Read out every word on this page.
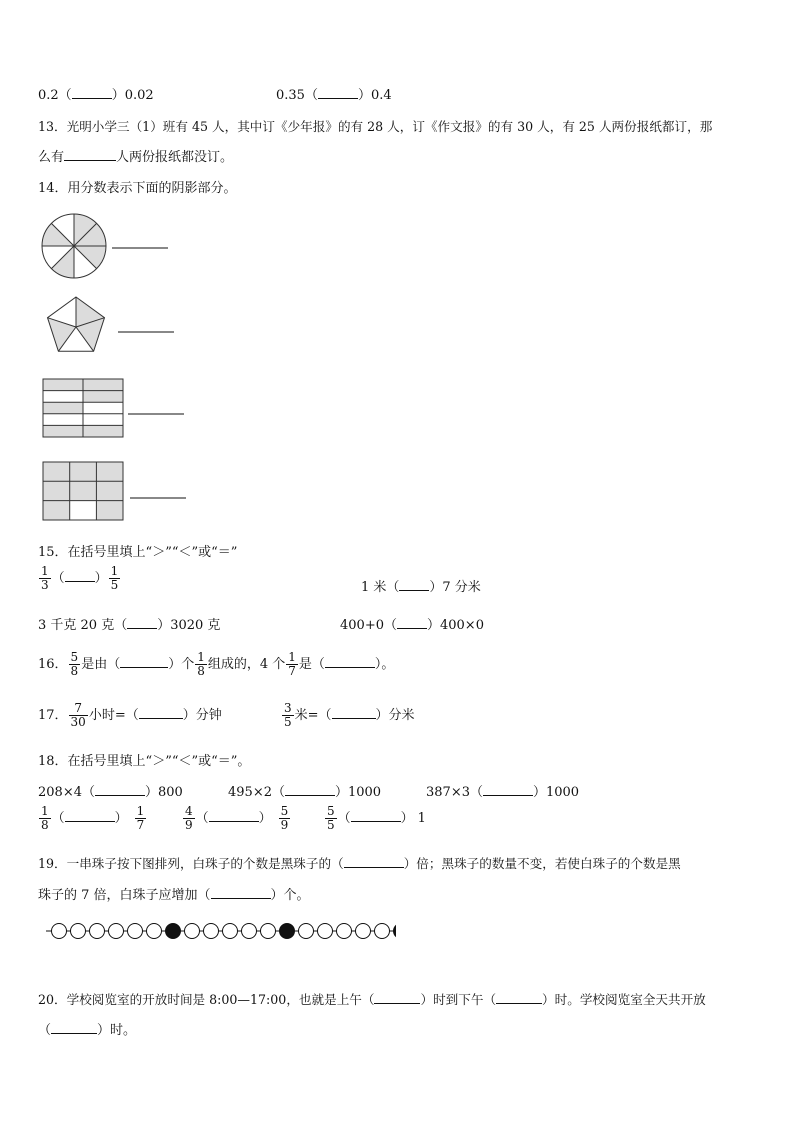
0.2（	）0.02	0.35（	）0.4
13．光明小学三（1）班有 45 人，其中订《少年报》的有 28 人，订《作文报》的有 30 人，有 25 人两份报纸都订，那
么有	人两份报纸都没订。
14．用分数表示下面的阴影部分。
15．在括号里填上“＞”“＜”或“＝”
$\frac{1}{3}$ （ ） $\frac{1}{5}$	1 米（ ）7 分米
3 千克 20 克（ ）3020 克	400+0（ ）400×0
16． $\frac{5}{8}$ 是由（	）个 $\frac{1}{8}$ 组成的，4 个 $\frac{1}{7}$ 是（	）。
17． $\frac{7}{30}$ 小时=（	）分钟	$\frac{3}{5}$ 米=（	）分米
18．在括号里填上“＞”“＜”或“＝”。
208×4（	）800	495×2（	）1000	387×3（	）1000
$\frac{1}{8}$ （	） $\frac{1}{7}$	$\frac{4}{9}$ （	） $\frac{5}{9}$	$\frac{5}{5}$ （	） 1
19．一串珠子按下图排列，白珠子的个数是黑珠子的（	）倍；黑珠子的数量不变，若使白珠子的个数是黑
珠子的 7 倍，白珠子应增加（	）个。
20．学校阅览室的开放时间是 8:00—17:00，也就是上午（	）时到下午（	）时。学校阅览室全天共开放
（	）时。
